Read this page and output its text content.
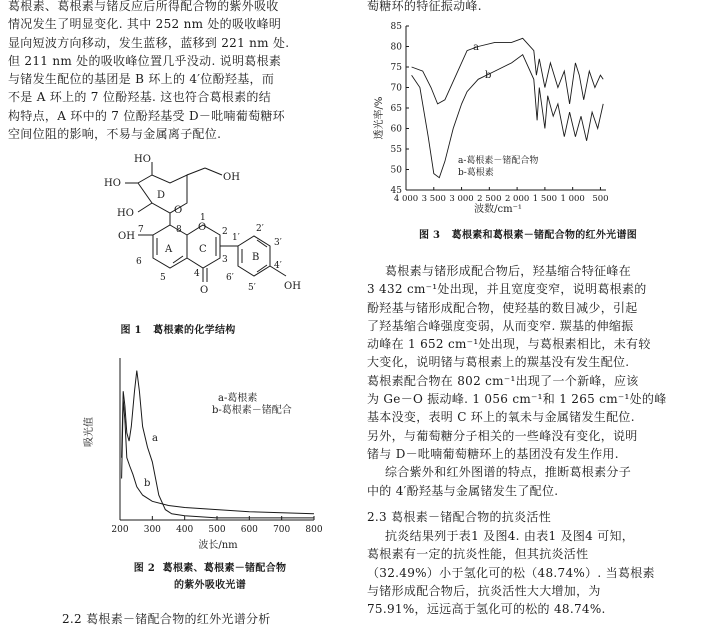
葛根素、葛根素与锗反应后所得配合物的紫外吸收

情况发生了明显变化. 其中 252 nm 处的吸收峰明

显向短波方向移动，发生蓝移，蓝移到 221 nm 处.

但 211 nm 处的吸收峰位置几乎没动. 说明葛根素

与锗发生配位的基团是 B 环上的 4′位酚羟基，而

不是 A 环上的 7 位酚羟基. 这也符合葛根素的结

构特点，A 环中的 7 位酚羟基受 D－吡喃葡萄糖环

空间位阻的影响，不易与金属离子配位.

HO
HO
OH
HO
D
O
OH
7	8 O
1
2
A	C
3
1′
2′
B
3′
4′
6
5	4	6′
5′
O	OH
图 1 葛根素的化学结构
200 300 400 500 600 700 800
a
b
a-葛根素
b-葛根素－锗配合
吸光值
波长/nm
图 2 葛根素、葛根素－锗配合物
的紫外吸收光谱
2.2 葛根素－锗配合物的红外光谱分析
萄糖环的特征振动峰.
45
50
55
60
65
70
75
80
85
4 000 3 500 3 000 2 500 2 000 1 500 1 000 500
a
b
a-葛根素－锗配合物
b-葛根素
透光率/%
波数/cm⁻¹
图 3 葛根素和葛根素－锗配合物的红外光谱图

葛根素与锗形成配合物后，羟基缩合特征峰在

3 432 cm⁻¹处出现，并且宽度变窄，说明葛根素的

酚羟基与锗形成配合物，使羟基的数目减少，引起

了羟基缩合峰强度变弱，从而变窄. 羰基的伸缩振

动峰在 1 652 cm⁻¹处出现，与葛根素相比，未有较

大变化，说明锗与葛根素上的羰基没有发生配位.

葛根素配合物在 802 cm⁻¹出现了一个新峰，应该

为 Ge－O 振动峰. 1 056 cm⁻¹和 1 265 cm⁻¹处的峰

基本没变，表明 C 环上的氧未与金属锗发生配位.

另外，与葡萄糖分子相关的一些峰没有变化，说明

锗与 D－吡喃葡萄糖环上的基团没有发生作用.

综合紫外和红外图谱的特点，推断葛根素分子

中的 4′酚羟基与金属锗发生了配位.

2.3 葛根素－锗配合物的抗炎活性

抗炎结果列于表1 及图4. 由表1 及图4 可知，

葛根素有一定的抗炎性能，但其抗炎活性

（32.49%）小于氢化可的松（48.74%）. 当葛根素

与锗形成配合物后，抗炎活性大大增加，为

75.91%，远远高于氢化可的松的 48.74%.
